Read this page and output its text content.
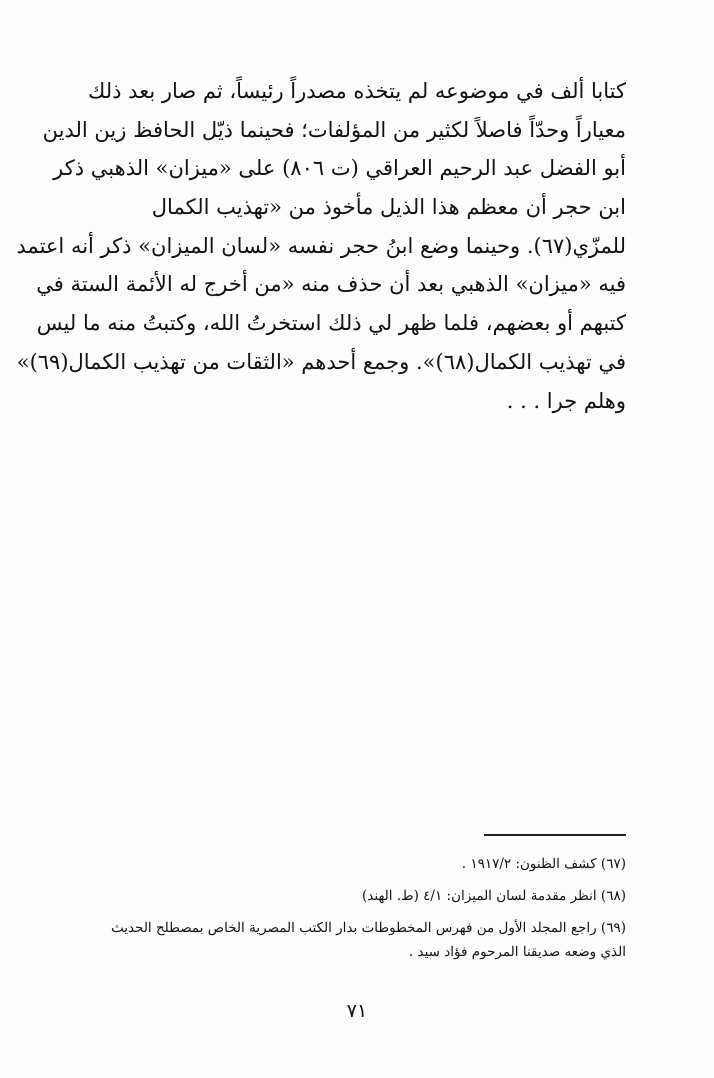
كتابا ألف في موضوعه لم يتخذه مصدراً رئيساً، ثم صار بعد ذلك
معياراً وحدّاً فاصلاً لكثير من المؤلفات؛ فحينما ذيّل الحافظ زين الدين
أبو الفضل عبد الرحيم العراقي (ت ٨٠٦) على «ميزان» الذهبي ذكر
ابن حجر أن معظم هذا الذيل مأخوذ من «تهذيب الكمال
للمزّي(٦٧). وحينما وضع ابنُ حجر نفسه «لسان الميزان» ذكر أنه اعتمد
فيه «ميزان» الذهبي بعد أن حذف منه «من أخرج له الأئمة الستة في
كتبهم أو بعضهم، فلما ظهر لي ذلك استخرتُ الله، وكتبتُ منه ما ليس
في تهذيب الكمال(٦٨)». وجمع أحدهم «الثقات من تهذيب الكمال(٦٩)»
وهلم جرا . . .
(٦٧) كشف الظنون: ١٩١٧/٢ .
(٦٨) انظر مقدمة لسان الميزان: ٤/١ (ط. الهند)
(٦٩) راجع المجلد الأول من فهرس المخطوطات بدار الكتب المصرية الخاص بمصطلح الحديث
الذي وضعه صديقنا المرحوم فؤاد سيد .
٧١
